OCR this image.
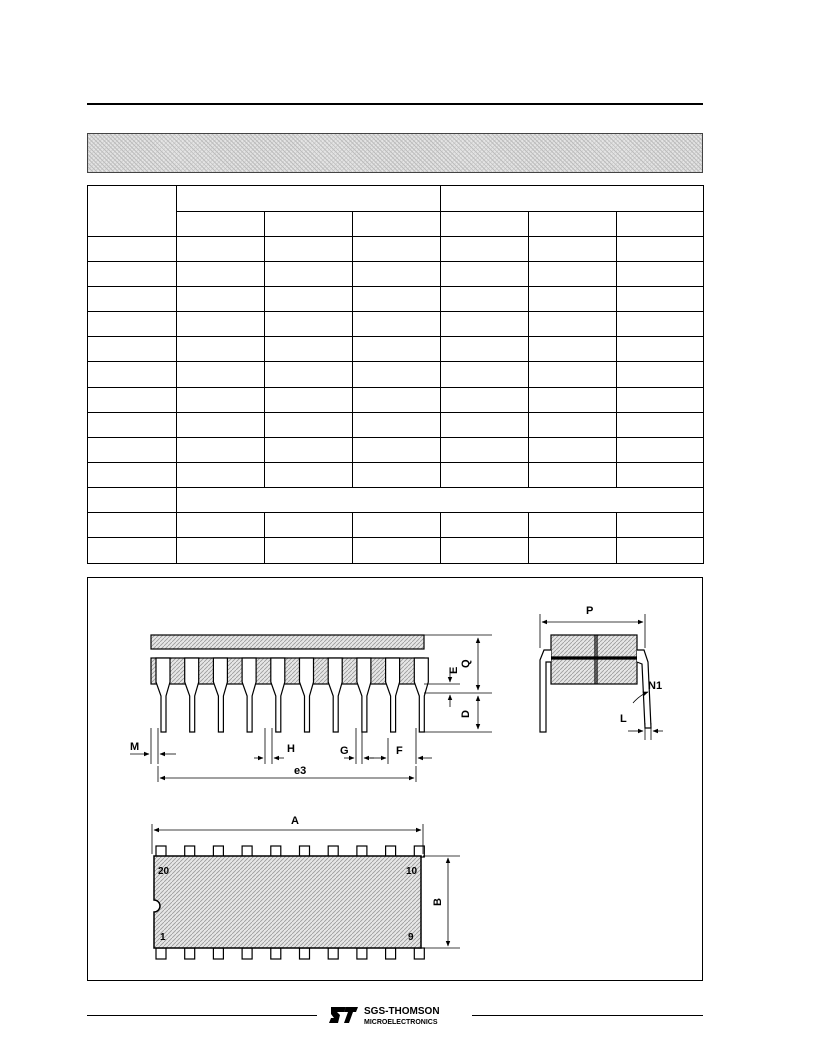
M	H	G	F
e3
E
Q
D
P
N1
L
20	10
1	9
A
B
SGS-THOMSON
MICROELECTRONICS
